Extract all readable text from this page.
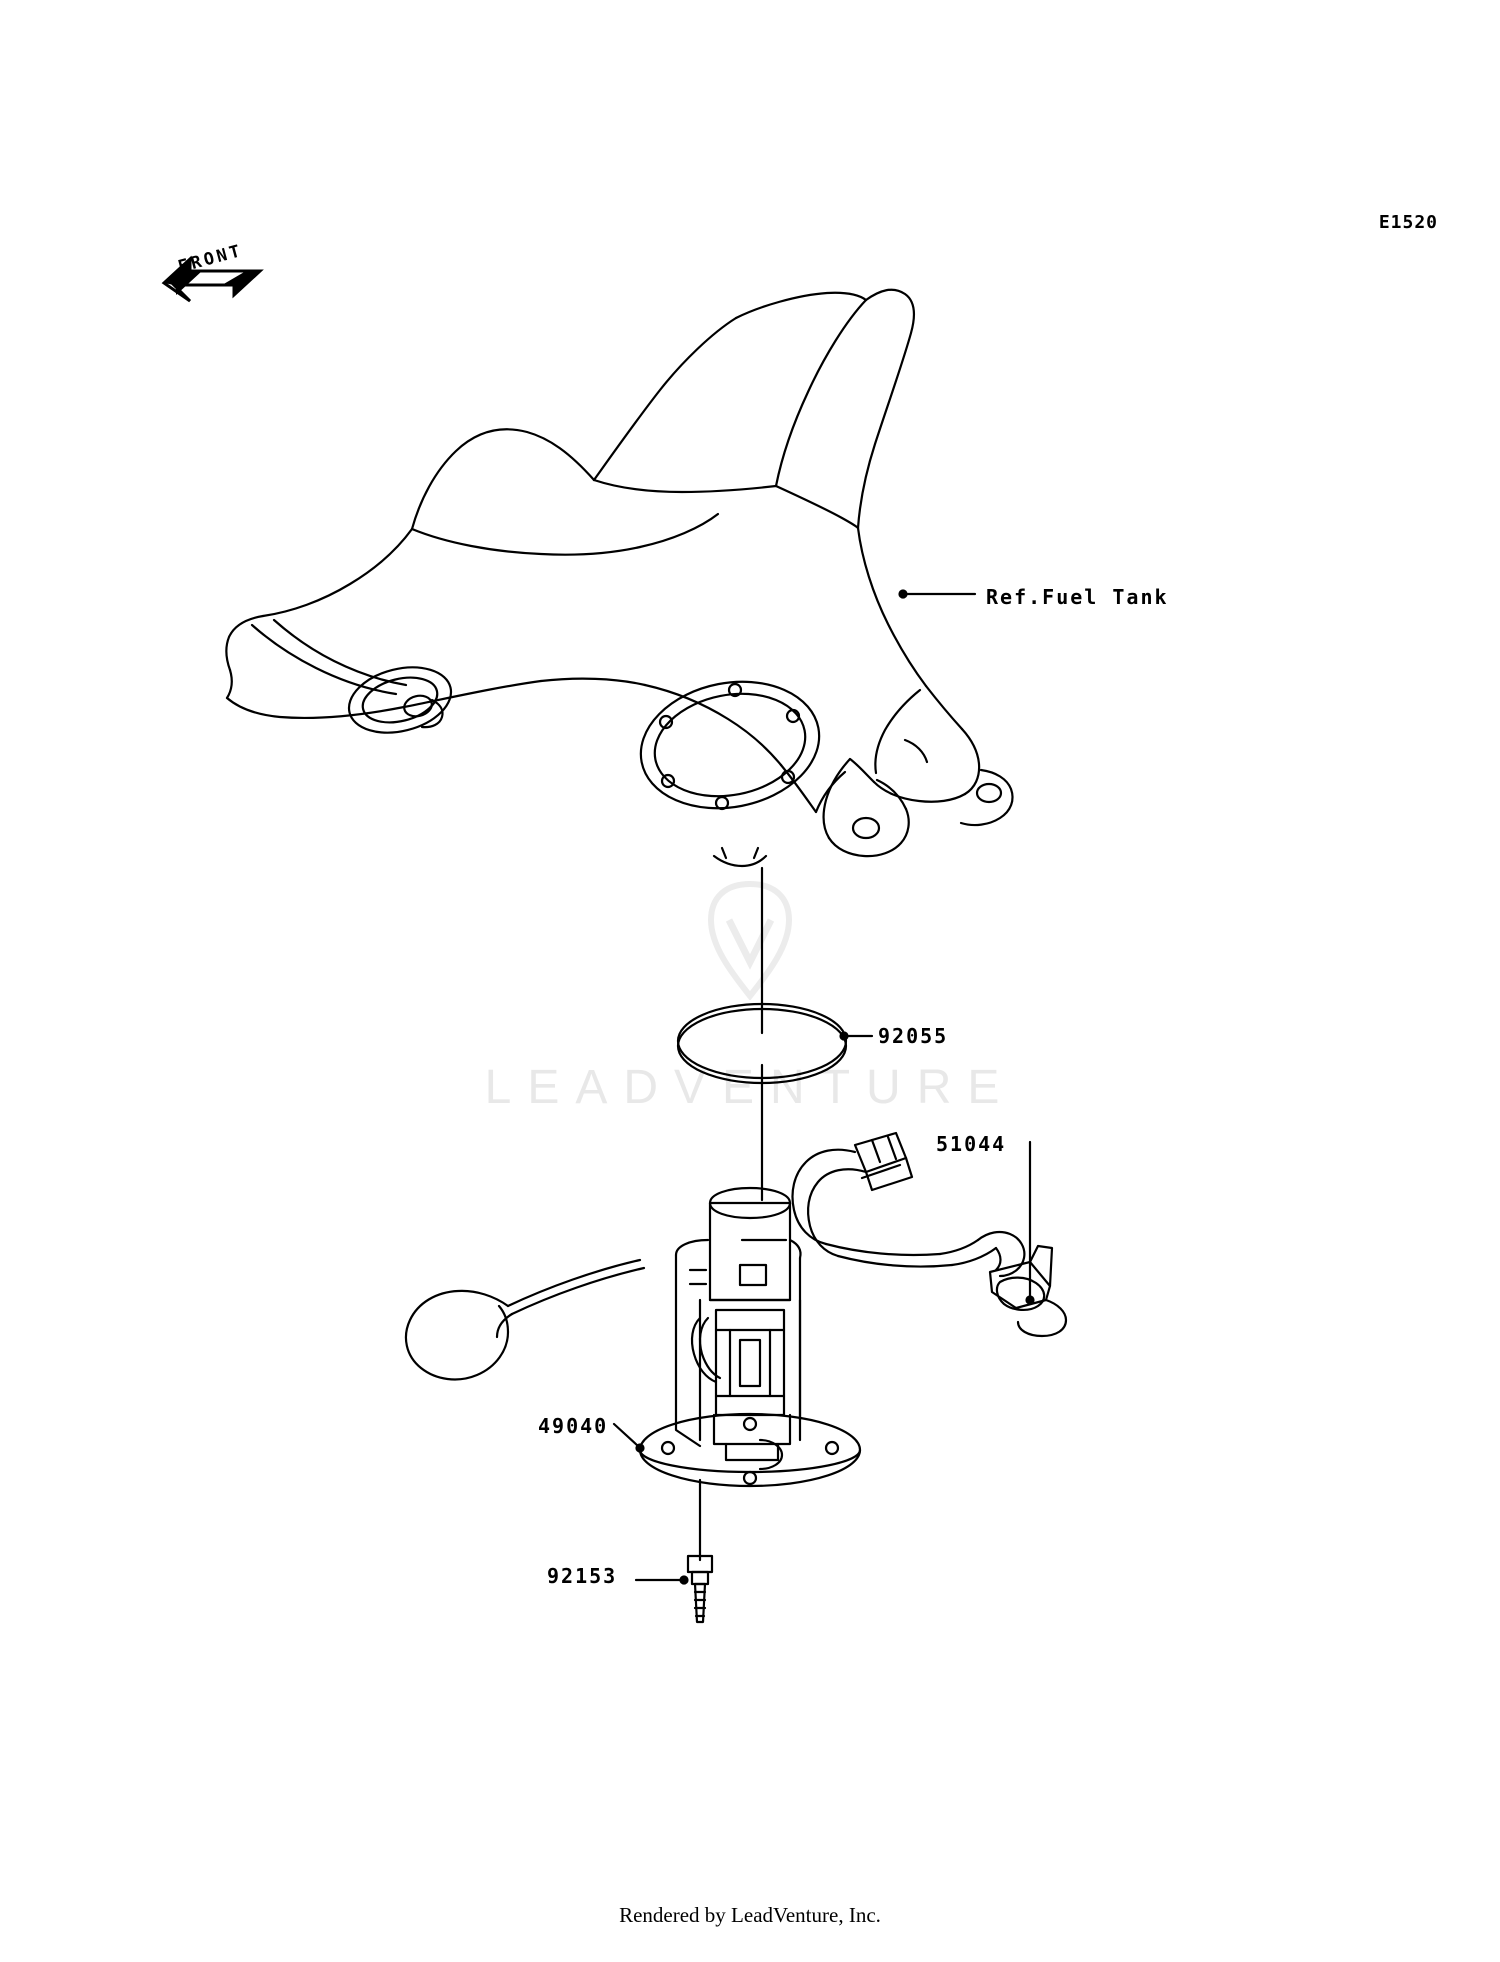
LEADVENTURE
E1520
FRONT
Ref.Fuel Tank
92055
51044
49040
92153
Rendered by LeadVenture, Inc.
